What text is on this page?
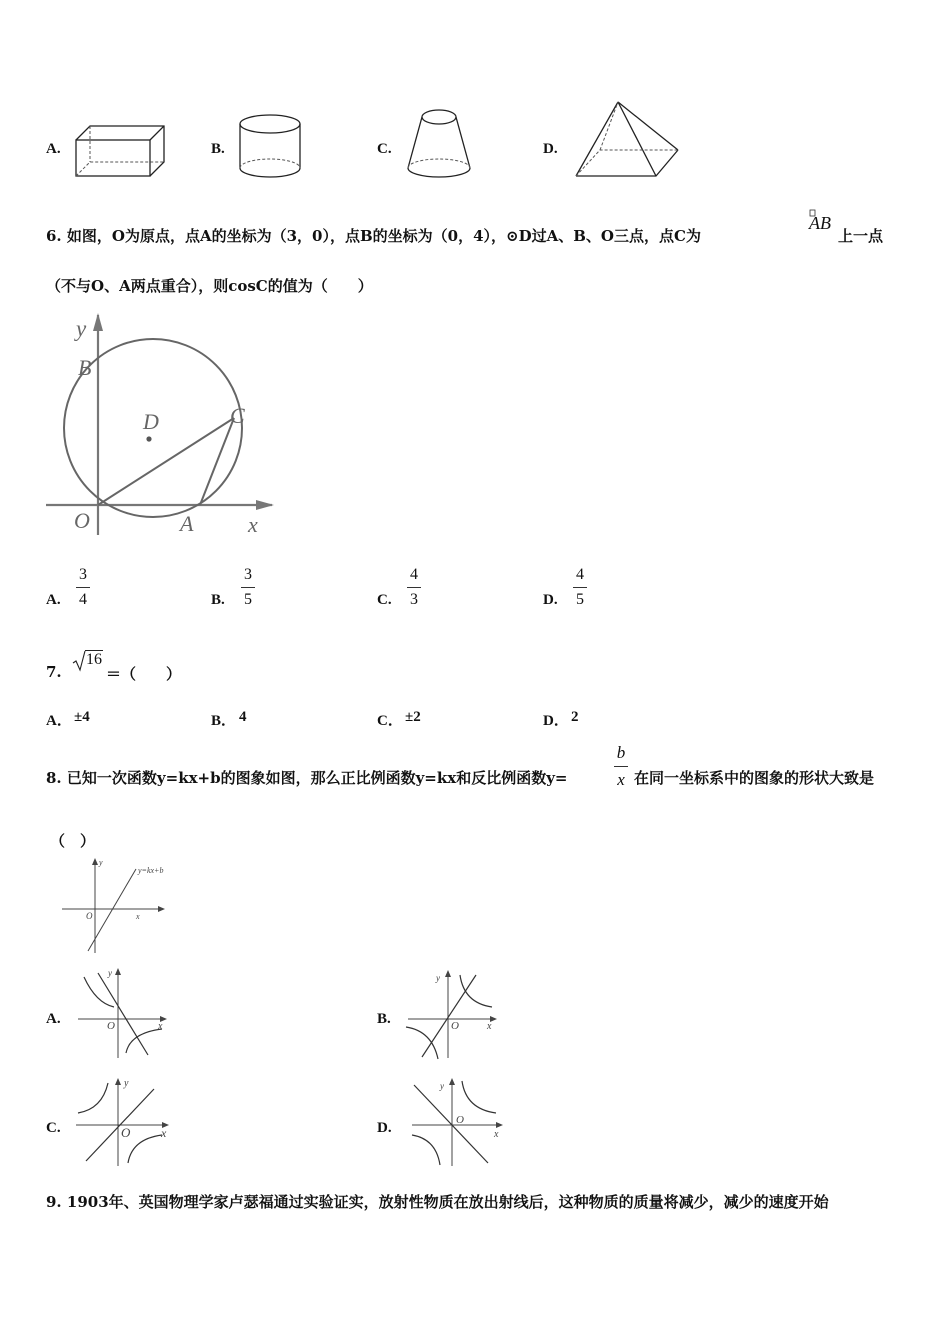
A.	B.	C.	D.
6. 如图，O为原点，点A的坐标为（3，0），点B的坐标为（0，4），⊙D过A、B、O三点，点C为
AB
上一点
（不与O、A两点重合），则cosC的值为（　　）
y
B
D	C
O	A x
A.
3
4	B.
3
5	C.
4
3	D.
4
5
7.
16
＝（　　）
A． ±4	B． 4	C． ±2	D． 2
8. 已知一次函数y=kx+b的图象如图，那么正比例函数y=kx和反比例函数y=
b
x 在同一坐标系中的图象的形状大致是
（　）
y=kx+b
y
O	x
A.
y
O	x	B.
y
O	x
C.
y
O	x	D.
y
O
x
9. 1903年、英国物理学家卢瑟福通过实验证实，放射性物质在放出射线后，这种物质的质量将减少，减少的速度开始
